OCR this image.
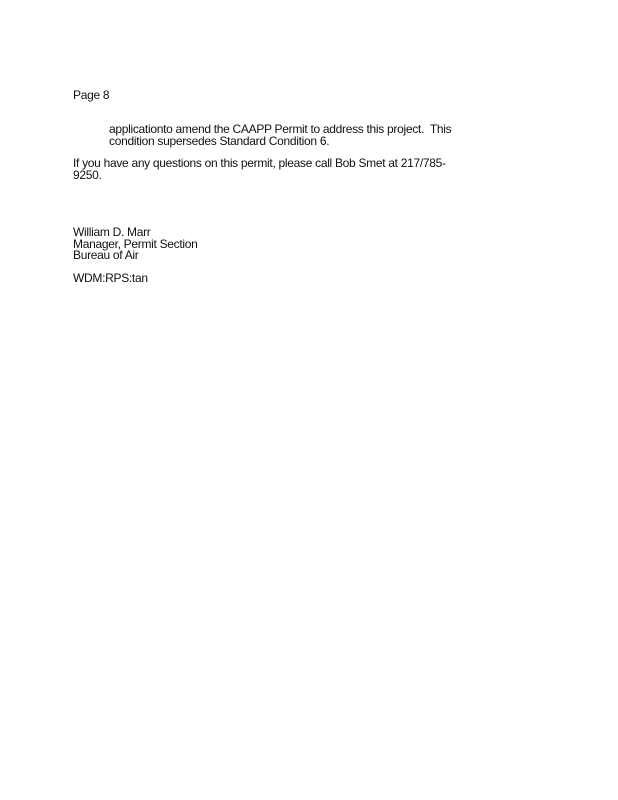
Page 8
applicationto amend the CAAPP Permit to address this project.  This
condition supersedes Standard Condition 6.
If you have any questions on this permit, please call Bob Smet at 217/785-
9250.
William D. Marr
Manager, Permit Section
Bureau of Air
WDM:RPS:tan
